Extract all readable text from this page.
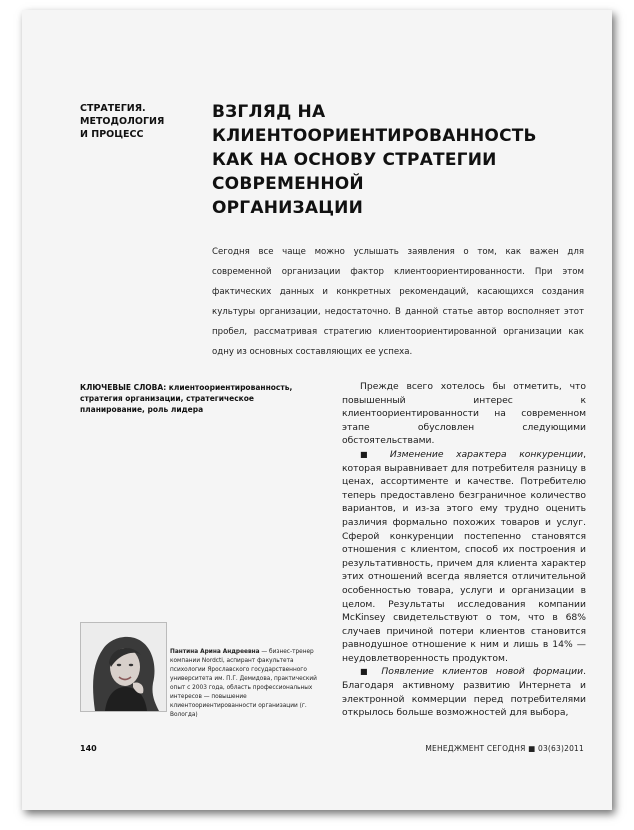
СТРАТЕГИЯ.
МЕТОДОЛОГИЯ
И ПРОЦЕСС
ВЗГЛЯД НА КЛИЕНТООРИЕНТИРОВАННОСТЬ
КАК НА ОСНОВУ СТРАТЕГИИ СОВРЕМЕННОЙ
ОРГАНИЗАЦИИ
Сегодня все чаще можно услышать заявления о том, как важен для современной организации фактор клиентоориентированности. При этом фактических данных и конкретных рекомендаций, касающихся создания культуры организации, недостаточно. В данной статье автор восполняет этот пробел, рассматривая стратегию клиентоориентированной организации как одну из основных составляющих ее успеха.
КЛЮЧЕВЫЕ СЛОВА: клиентоориентированность, стратегия организации, стратегическое планирование, роль лидера

Прежде всего хотелось бы отметить, что повышенный интерес к клиентоориентированности на современном этапе обусловлен следующими обстоятельствами.

■ Изменение характера конкуренции, которая выравнивает для потребителя разницу в ценах, ассортименте и качестве. Потребителю теперь предоставлено безграничное количество вариантов, и из-за этого ему трудно оценить различия формально похожих товаров и услуг. Сферой конкуренции постепенно становятся отношения с клиентом, способ их построения и результативность, причем для клиента характер этих отношений всегда является отличительной особенностью товара, услуги и организации в целом. Результаты исследования компании McKinsey свидетельствуют о том, что в 68% случаев причиной потери клиентов становится равнодушное отношение к ним и лишь в 14% — неудовлетворенность продуктом.

■ Появление клиентов новой формации. Благодаря активному развитию Интернета и электронной коммерции перед потребителями открылось больше возможностей для выбора,

Пантина Арина Андреевна — бизнес-тренер компании Nordcti, аспирант факультета психологии Ярославского государственного университета им. П.Г. Демидова, практический опыт с 2003 года, область профессиональных интересов — повышение клиентоориентированности организации (г. Вологда)
140	МЕНЕДЖМЕНТ СЕГОДНЯ ■ 03(63)2011
